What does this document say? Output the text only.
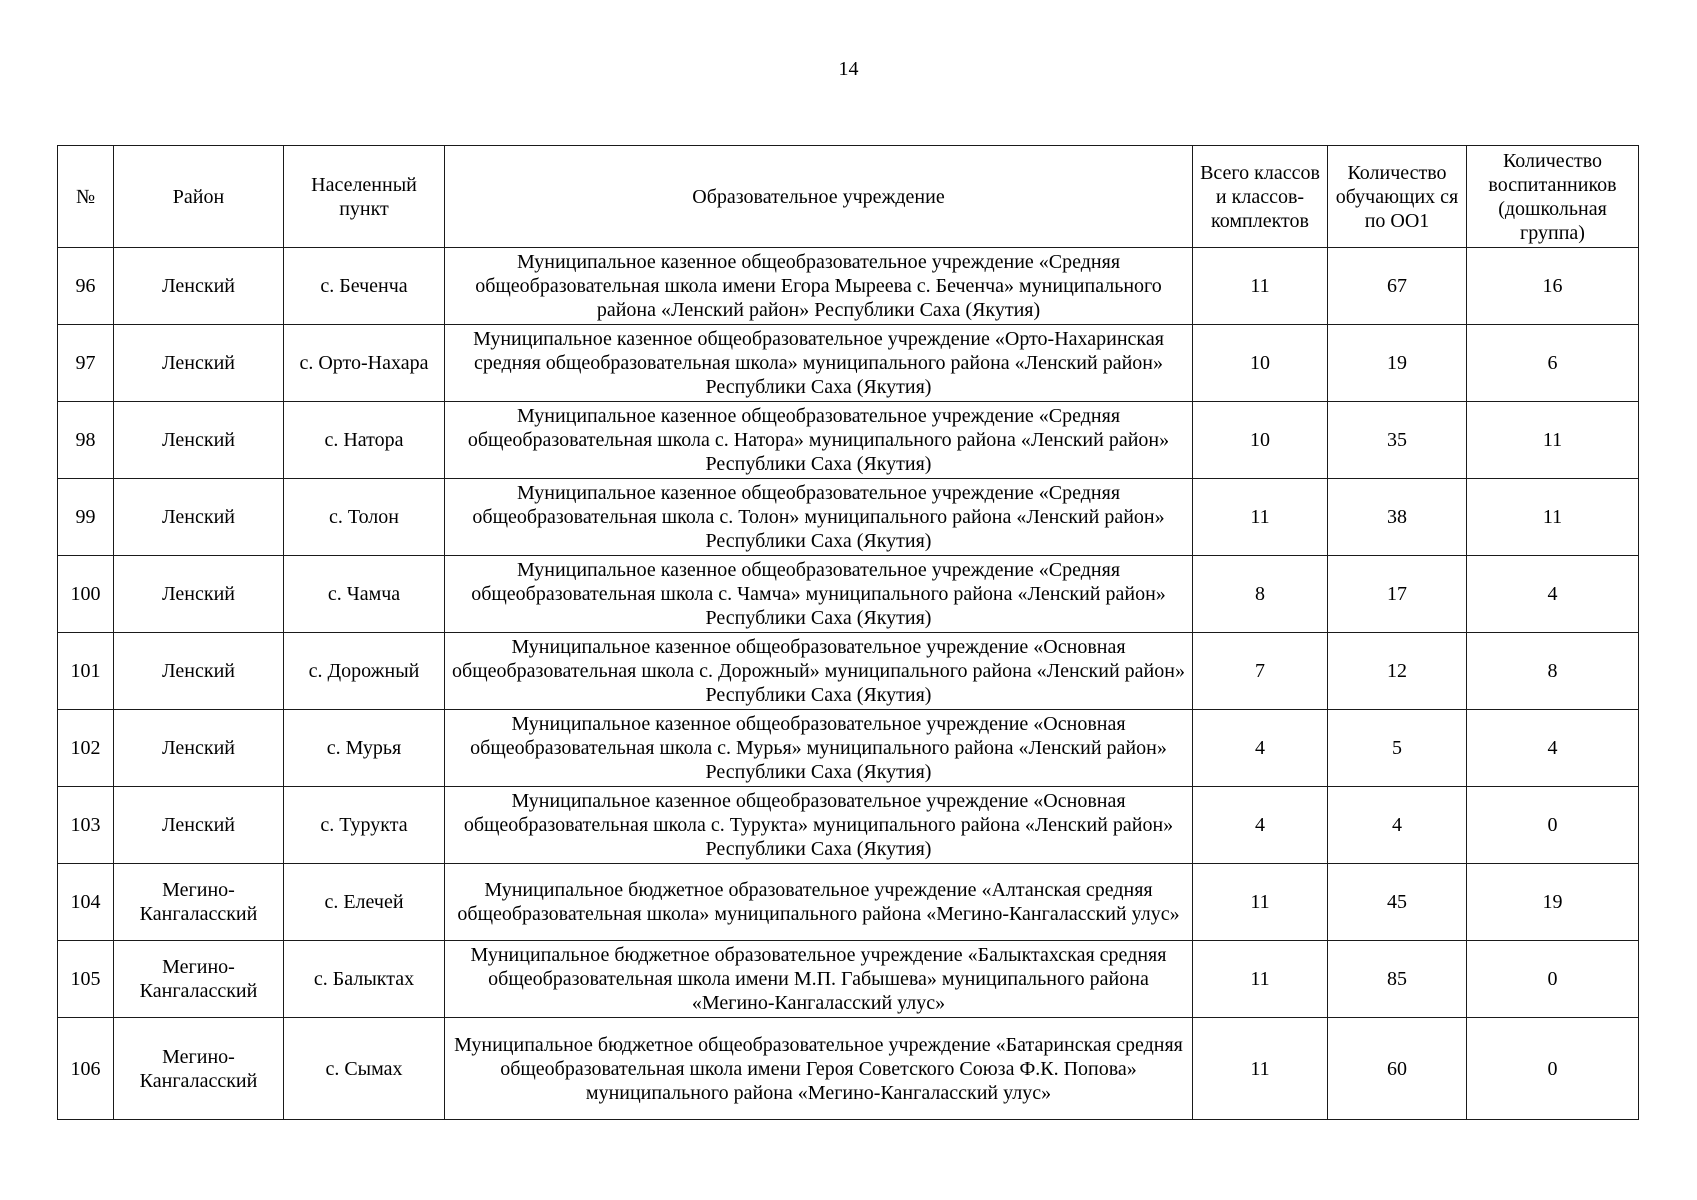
14
№	Район	Населенный пункт	Образовательное учреждение	Всего классов и классов-комплектов	Количество обучающих ся по ОО1	Количество воспитанников (дошкольная группа)
96	Ленский	с. Беченча	Муниципальное казенное общеобразовательное учреждение «Средняя общеобразовательная школа имени Егора Мыреева с. Беченча» муниципального района «Ленский район» Республики Саха (Якутия)	11	67	16
97	Ленский	с. Орто-Нахара	Муниципальное казенное общеобразовательное учреждение «Орто-Нахаринская средняя общеобразовательная школа» муниципального района «Ленский район» Республики Саха (Якутия)	10	19	6
98	Ленский	с. Натора	Муниципальное казенное общеобразовательное учреждение «Средняя общеобразовательная школа с. Натора» муниципального района «Ленский район» Республики Саха (Якутия)	10	35	11
99	Ленский	с. Толон	Муниципальное казенное общеобразовательное учреждение «Средняя общеобразовательная школа с. Толон» муниципального района «Ленский район» Республики Саха (Якутия)	11	38	11
100	Ленский	с. Чамча	Муниципальное казенное общеобразовательное учреждение «Средняя общеобразовательная школа с. Чамча» муниципального района «Ленский район» Республики Саха (Якутия)	8	17	4
101	Ленский	с. Дорожный	Муниципальное казенное общеобразовательное учреждение «Основная общеобразовательная школа с. Дорожный» муниципального района «Ленский район» Республики Саха (Якутия)	7	12	8
102	Ленский	с. Мурья	Муниципальное казенное общеобразовательное учреждение «Основная общеобразовательная школа с. Мурья» муниципального района «Ленский район» Республики Саха (Якутия)	4	5	4
103	Ленский	с. Турукта	Муниципальное казенное общеобразовательное учреждение «Основная общеобразовательная школа с. Турукта» муниципального района «Ленский район» Республики Саха (Якутия)	4	4	0
104	Мегино-Кангаласский	с. Елечей	Муниципальное бюджетное образовательное учреждение «Алтанская средняя общеобразовательная школа» муниципального района «Мегино-Кангаласский улус»	11	45	19
105	Мегино-Кангаласский	с. Балыктах	Муниципальное бюджетное образовательное учреждение «Балыктахская средняя общеобразовательная школа имени М.П. Габышева» муниципального района «Мегино-Кангаласский улус»	11	85	0
106	Мегино-Кангаласский	с. Сымах	Муниципальное бюджетное общеобразовательное учреждение «Батаринская средняя общеобразовательная школа имени Героя Советского Союза Ф.К. Попова» муниципального района «Мегино-Кангаласский улус»	11	60	0
